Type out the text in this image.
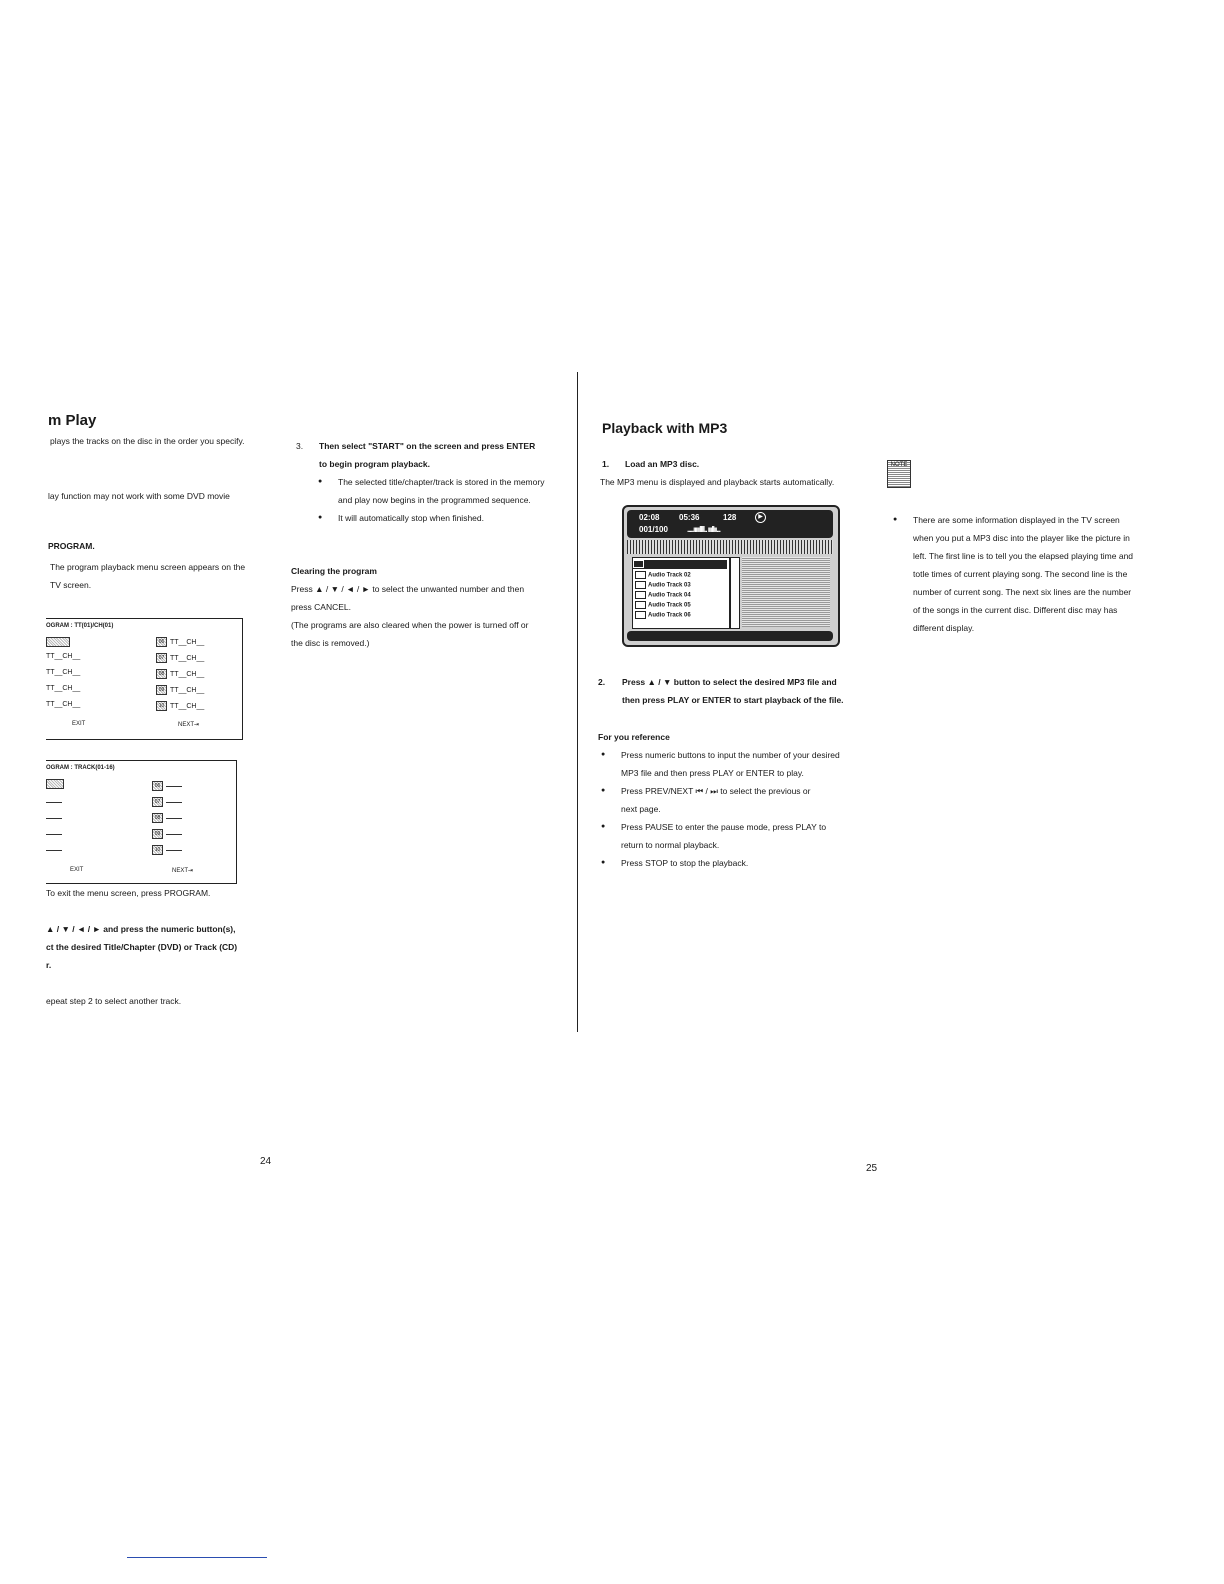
m Play
plays the tracks on the disc in the order you specify.
lay function may not work with some DVD movie
PROGRAM.
The program playback menu screen appears on the
TV screen.
OGRAM : TT(01)/CH(01)
TT__CH__
TT__CH__
TT__CH__
TT__CH__
06 TT__CH__
07 TT__CH__
08 TT__CH__
09 TT__CH__
10 TT__CH__
EXIT	NEXT⇥
OGRAM : TRACK(01-16)
06
07
08
09
10
EXIT	NEXT⇥
To exit the menu screen, press PROGRAM.
▲ / ▼ / ◄ / ► and press the numeric button(s),
ct the desired Title/Chapter (DVD) or Track (CD)
r.
epeat step 2 to select another track.
3. Then select "START" on the screen and press ENTER
to begin program playback.
● The selected title/chapter/track is stored in the memory
and play now begins in the programmed sequence.
● It will automatically stop when finished.
Clearing the program
Press ▲ / ▼ / ◄ / ► to select the unwanted number and then
press CANCEL.
(The programs are also cleared when the power is turned off or
the disc is removed.)
24
Playback with MP3
1. Load an MP3 disc.
The MP3 menu is displayed and playback starts automatically.
02:08 05:36	128	▶
001/100 .....ıııııIIII.. ıııIIıı...
Audio Track 02
Audio Track 03
Audio Track 04
Audio Track 05
Audio Track 06
2. Press ▲ / ▼ button to select the desired MP3 file and
then press PLAY or ENTER to start playback of the file.
For you reference
● Press numeric buttons to input the number of your desired
MP3 file and then press PLAY or ENTER to play.
● Press PREV/NEXT ⏮ / ⏭ to select the previous or
next page.
● Press PAUSE to enter the pause mode, press PLAY to
return to normal playback.
● Press STOP to stop the playback.
NOTE
● There are some information displayed in the TV screen
when you put a MP3 disc into the player like the picture in
left. The first line is to tell you the elapsed playing time and
totle times of current playing song. The second line is the
number of current song. The next six lines are the number
of the songs in the current disc. Different disc may has
different display.
25
